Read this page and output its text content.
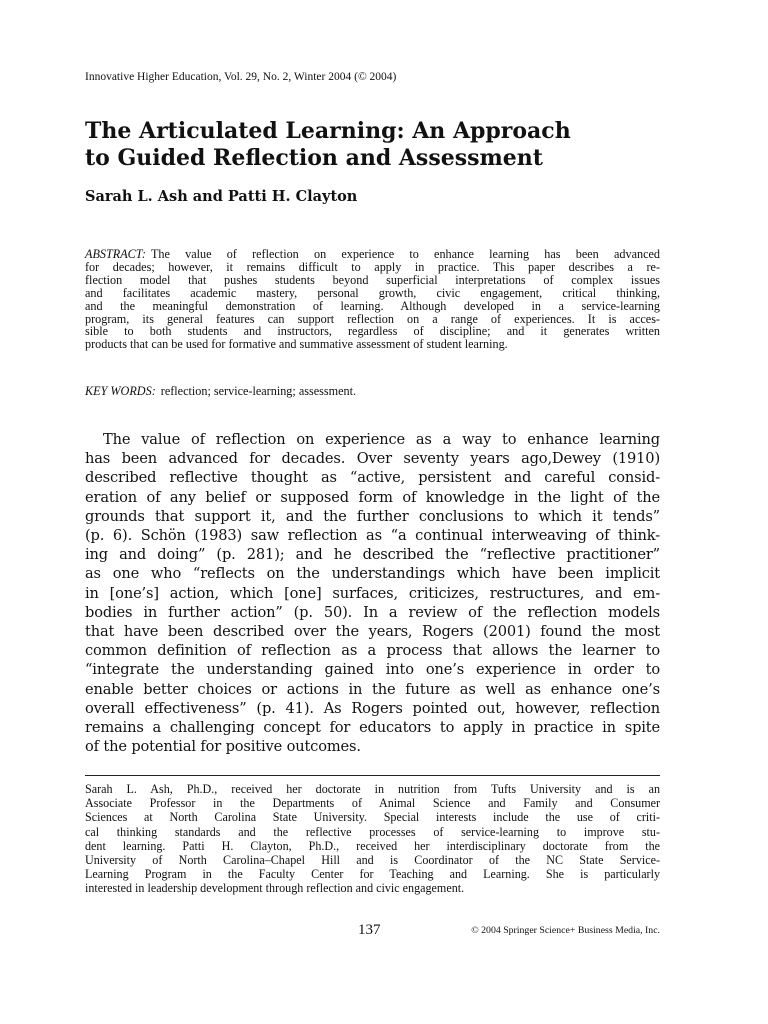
Innovative Higher Education, Vol. 29, No. 2, Winter 2004 (© 2004)
The Articulated Learning: An Approach
to Guided Reflection and Assessment
Sarah L. Ash and Patti H. Clayton
ABSTRACT: The value of reflection on experience to enhance learning has been advanced
for decades; however, it remains difficult to apply in practice. This paper describes a re-
flection model that pushes students beyond superficial interpretations of complex issues
and facilitates academic mastery, personal growth, civic engagement, critical thinking,
and the meaningful demonstration of learning. Although developed in a service-learning
program, its general features can support reflection on a range of experiences. It is acces-
sible to both students and instructors, regardless of discipline; and it generates written
products that can be used for formative and summative assessment of student learning.
KEY WORDS: reflection; service-learning; assessment.
The value of reflection on experience as a way to enhance learning
has been advanced for decades. Over seventy years ago,Dewey (1910)
described reflective thought as “active, persistent and careful consid-
eration of any belief or supposed form of knowledge in the light of the
grounds that support it, and the further conclusions to which it tends”
(p. 6). Schön (1983) saw reflection as “a continual interweaving of think-
ing and doing” (p. 281); and he described the “reflective practitioner”
as one who “reflects on the understandings which have been implicit
in [one’s] action, which [one] surfaces, criticizes, restructures, and em-
bodies in further action” (p. 50). In a review of the reflection models
that have been described over the years, Rogers (2001) found the most
common definition of reflection as a process that allows the learner to
“integrate the understanding gained into one’s experience in order to
enable better choices or actions in the future as well as enhance one’s
overall effectiveness” (p. 41). As Rogers pointed out, however, reflection
remains a challenging concept for educators to apply in practice in spite
of the potential for positive outcomes.
Sarah L. Ash, Ph.D., received her doctorate in nutrition from Tufts University and is an
Associate Professor in the Departments of Animal Science and Family and Consumer
Sciences at North Carolina State University. Special interests include the use of criti-
cal thinking standards and the reflective processes of service-learning to improve stu-
dent learning. Patti H. Clayton, Ph.D., received her interdisciplinary doctorate from the
University of North Carolina–Chapel Hill and is Coordinator of the NC State Service-
Learning Program in the Faculty Center for Teaching and Learning. She is particularly
interested in leadership development through reflection and civic engagement.
137	© 2004 Springer Science+ Business Media, Inc.
